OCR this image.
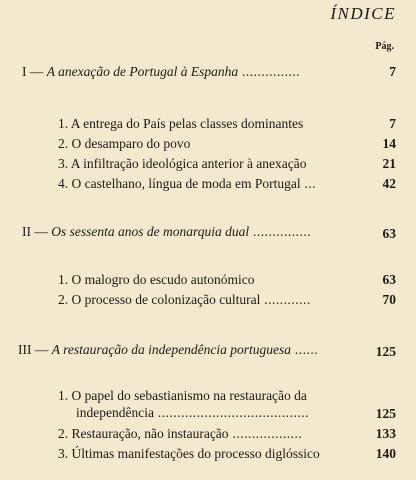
ÍNDICE
Pág.
I — A anexação de Portugal à Espanha ...............	7
1. A entrega do País pelas classes dominantes	7
2. O desamparo do povo	14
3. A infiltração ideológica anterior à anexação	21
4. O castelhano, língua de moda em Portugal ...	42
II — Os sessenta anos de monarquia dual ...............	63
1. O malogro do escudo autonómico	63
2. O processo de colonização cultural ............	70
III — A restauração da independência portuguesa ......	125
1. O papel do sebastianismo na restauração da
independência .......................................	125
2. Restauração, não instauração ..................	133
3. Últimas manifestações do processo diglóssico	140
